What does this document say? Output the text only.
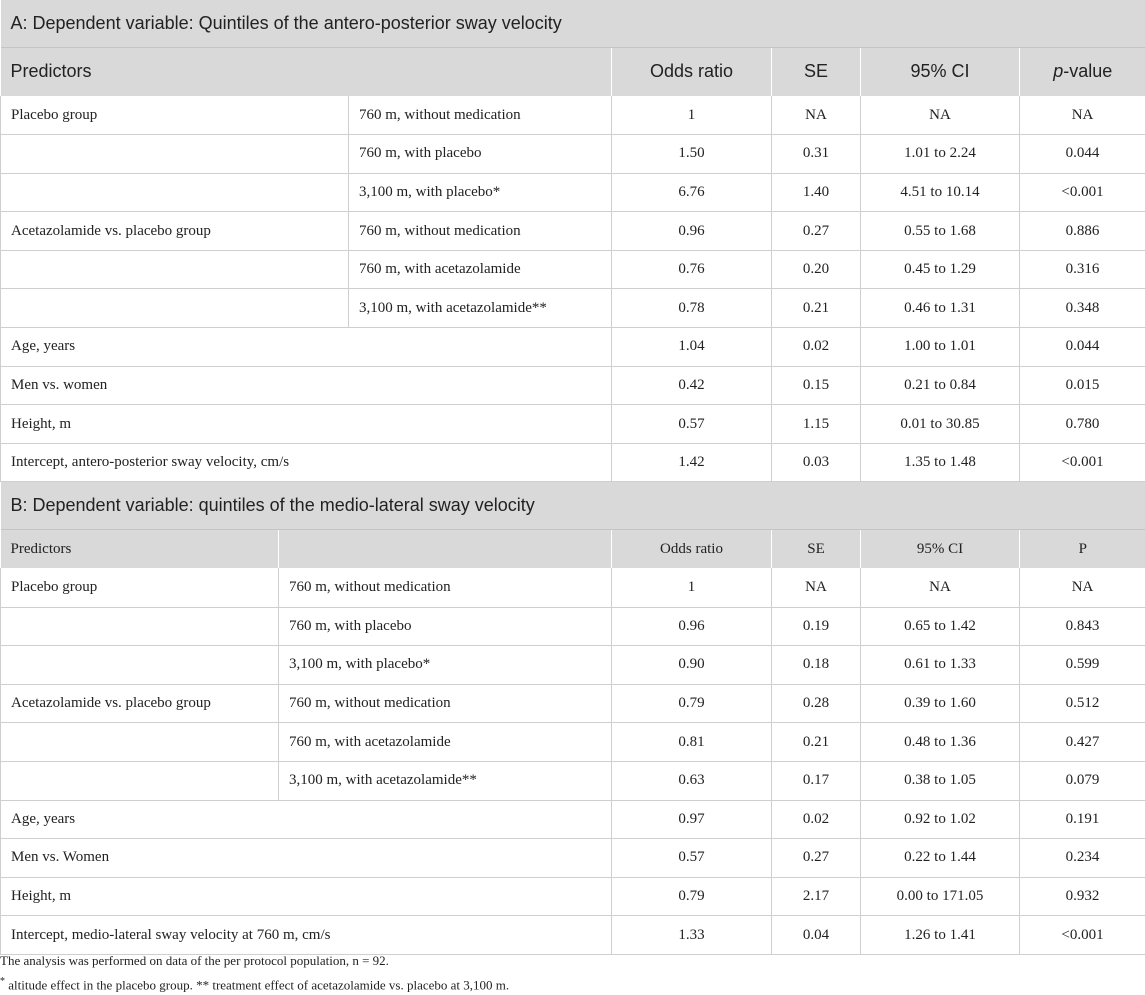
A: Dependent variable: Quintiles of the antero-posterior sway velocity					
Predictors		Odds ratio	SE	95% CI	p-value
Placebo group	760 m, without medication	1	NA	NA	NA
	760 m, with placebo	1.50	0.31	1.01 to 2.24	0.044
	3,100 m, with placebo*	6.76	1.40	4.51 to 10.14	<0.001
Acetazolamide vs. placebo group	760 m, without medication	0.96	0.27	0.55 to 1.68	0.886
	760 m, with acetazolamide	0.76	0.20	0.45 to 1.29	0.316
	3,100 m, with acetazolamide**	0.78	0.21	0.46 to 1.31	0.348
Age, years		1.04	0.02	1.00 to 1.01	0.044
Men vs. women		0.42	0.15	0.21 to 0.84	0.015
Height, m		0.57	1.15	0.01 to 30.85	0.780
Intercept, antero-posterior sway velocity, cm/s		1.42	0.03	1.35 to 1.48	<0.001
B: Dependent variable: quintiles of the medio-lateral sway velocity					
Predictors		Odds ratio	SE	95% CI	P
Placebo group	760 m, without medication	1	NA	NA	NA
	760 m, with placebo	0.96	0.19	0.65 to 1.42	0.843
	3,100 m, with placebo*	0.90	0.18	0.61 to 1.33	0.599
Acetazolamide vs. placebo group	760 m, without medication	0.79	0.28	0.39 to 1.60	0.512
	760 m, with acetazolamide	0.81	0.21	0.48 to 1.36	0.427
	3,100 m, with acetazolamide**	0.63	0.17	0.38 to 1.05	0.079
Age, years		0.97	0.02	0.92 to 1.02	0.191
Men vs. Women		0.57	0.27	0.22 to 1.44	0.234
Height, m		0.79	2.17	0.00 to 171.05	0.932
Intercept, medio-lateral sway velocity at 760 m, cm/s		1.33	0.04	1.26 to 1.41	<0.001

The analysis was performed on data of the per protocol population, n = 92.

* altitude effect in the placebo group. ** treatment effect of acetazolamide vs. placebo at 3,100 m.
